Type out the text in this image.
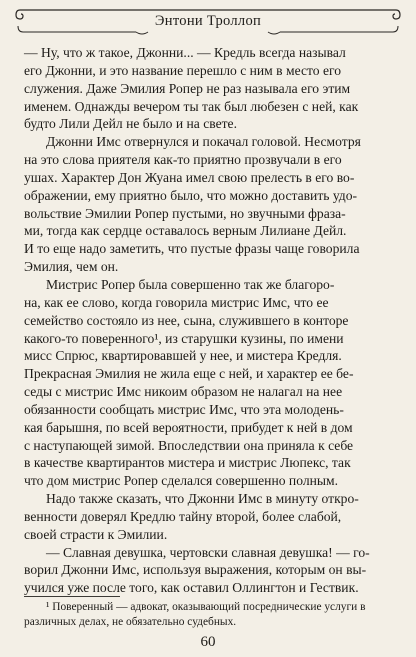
Энтони Троллоп
— Ну, что ж такое, Джонни... — Кредль всегда называл
его Джонни, и это название перешло с ним в место его
служения. Даже Эмилия Ропер не раз называла его этим
именем. Однажды вечером ты так был любезен с ней, как
будто Лили Дейл не было и на свете.
Джонни Имс отвернулся и покачал головой. Несмотря
на это слова приятеля как-то приятно прозвучали в его
ушах. Характер Дон Жуана имел свою прелесть в его во-
ображении, ему приятно было, что можно доставить удо-
вольствие Эмилии Ропер пустыми, но звучными фраза-
ми, тогда как сердце оставалось верным Лилиане Дейл.
И то еще надо заметить, что пустые фразы чаще говорила
Эмилия, чем он.
Мистрис Ропер была совершенно так же благоро-
на, как ее слово, когда говорила мистрис Имс, что ее
семейство состояло из нее, сына, служившего в конторе
какого-то поверенного¹, из старушки кузины, по имени
мисс Спрюс, квартировавшей у нее, и мистера Кредля.
Прекрасная Эмилия не жила еще с ней, и характер ее бе-
седы с мистрис Имс никоим образом не налагал на нее
обязанности сообщать мистрис Имс, что эта молодень-
кая барышня, по всей вероятности, прибудет к ней в дом
с наступающей зимой. Впоследствии она приняла к себе
в качестве квартирантов мистера и мистрис Люпекс, так
что дом мистрис Ропер сделался совершенно полным.
Надо также сказать, что Джонни Имс в минуту откро-
венности доверял Кредлю тайну второй, более слабой,
своей страсти к Эмилии.
— Славная девушка, чертовски славная девушка! — го-
ворил Джонни Имс, используя выражения, которым он вы-
учился уже после того, как оставил Оллингтон и Гествик.
¹ Поверенный — адвокат, оказывающий посреднические услуги в
различных делах, не обязательно судебных.
60
